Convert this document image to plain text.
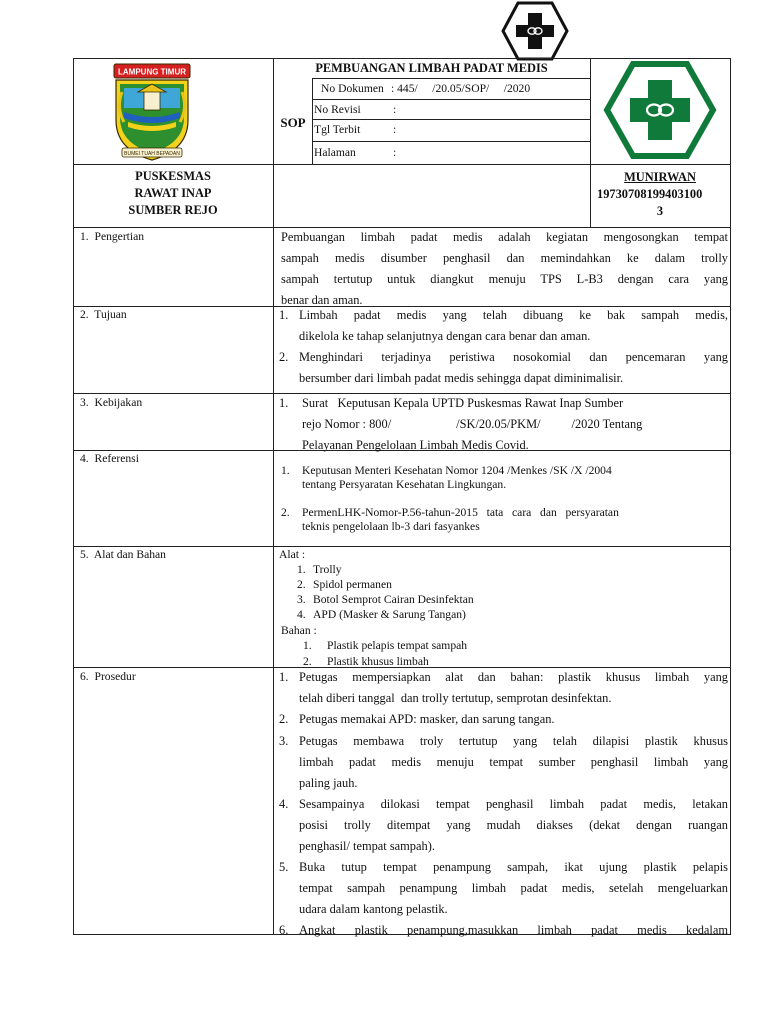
LAMPUNG TIMUR
BUMEI TUAH BEPADAN
PEMBUANGAN LIMBAH PADAT MEDIS
SOP
No Dokumen : 445/     /20.05/SOP/     /2020
No Revisi	:
Tgl Terbit	:
Halaman	:
PUSKESMAS
RAWAT INAP
SUMBER REJO
MUNIRWAN
19730708199403100
3
1.  Pengertian	Pembuangan limbah padat medis adalah kegiatan mengosongkan tempat
sampah medis disumber penghasil dan memindahkan ke dalam trolly
sampah tertutup untuk diangkut menuju TPS L-B3 dengan cara yang
benar dan aman.
2.  Tujuan	1. Limbah padat medis yang telah dibuang ke bak sampah medis,
dikelola ke tahap selanjutnya dengan cara benar dan aman.
2. Menghindari terjadinya peristiwa nosokomial dan pencemaran yang
bersumber dari limbah padat medis sehingga dapat diminimalisir.
3.  Kebijakan	1. Surat   Keputusan Kepala UPTD Puskesmas Rawat Inap Sumber
rejo Nomor : 800/                     /SK/20.05/PKM/          /2020 Tentang
Pelayanan Pengelolaan Limbah Medis Covid.
4.  Referensi
1. Keputusan Menteri Kesehatan Nomor 1204 /Menkes /SK /X /2004
tentang Persyaratan Kesehatan Lingkungan.
2. PermenLHK-Nomor-P.56-tahun-2015   tata   cara   dan   persyaratan
teknis pengelolaan lb-3 dari fasyankes
5.  Alat dan Bahan	Alat :
1. Trolly
2. Spidol permanen
3. Botol Semprot Cairan Desinfektan
4. APD (Masker & Sarung Tangan)
Bahan :
1. Plastik pelapis tempat sampah
2. Plastik khusus limbah
6.  Prosedur	1. Petugas mempersiapkan alat dan bahan: plastik khusus limbah yang
telah diberi tanggal  dan trolly tertutup, semprotan desinfektan.
2. Petugas memakai APD: masker, dan sarung tangan.
3. Petugas membawa troly tertutup yang telah dilapisi plastik khusus
limbah padat medis menuju tempat sumber penghasil limbah yang
paling jauh.
4. Sesampainya dilokasi tempat penghasil limbah padat medis, letakan
posisi trolly ditempat yang mudah diakses (dekat dengan ruangan
penghasil/ tempat sampah).
5. Buka tutup tempat penampung sampah, ikat ujung plastik pelapis
tempat sampah penampung limbah padat medis, setelah mengeluarkan
udara dalam kantong pelastik.
6. Angkat plastik penampung,masukkan limbah padat medis kedalam
